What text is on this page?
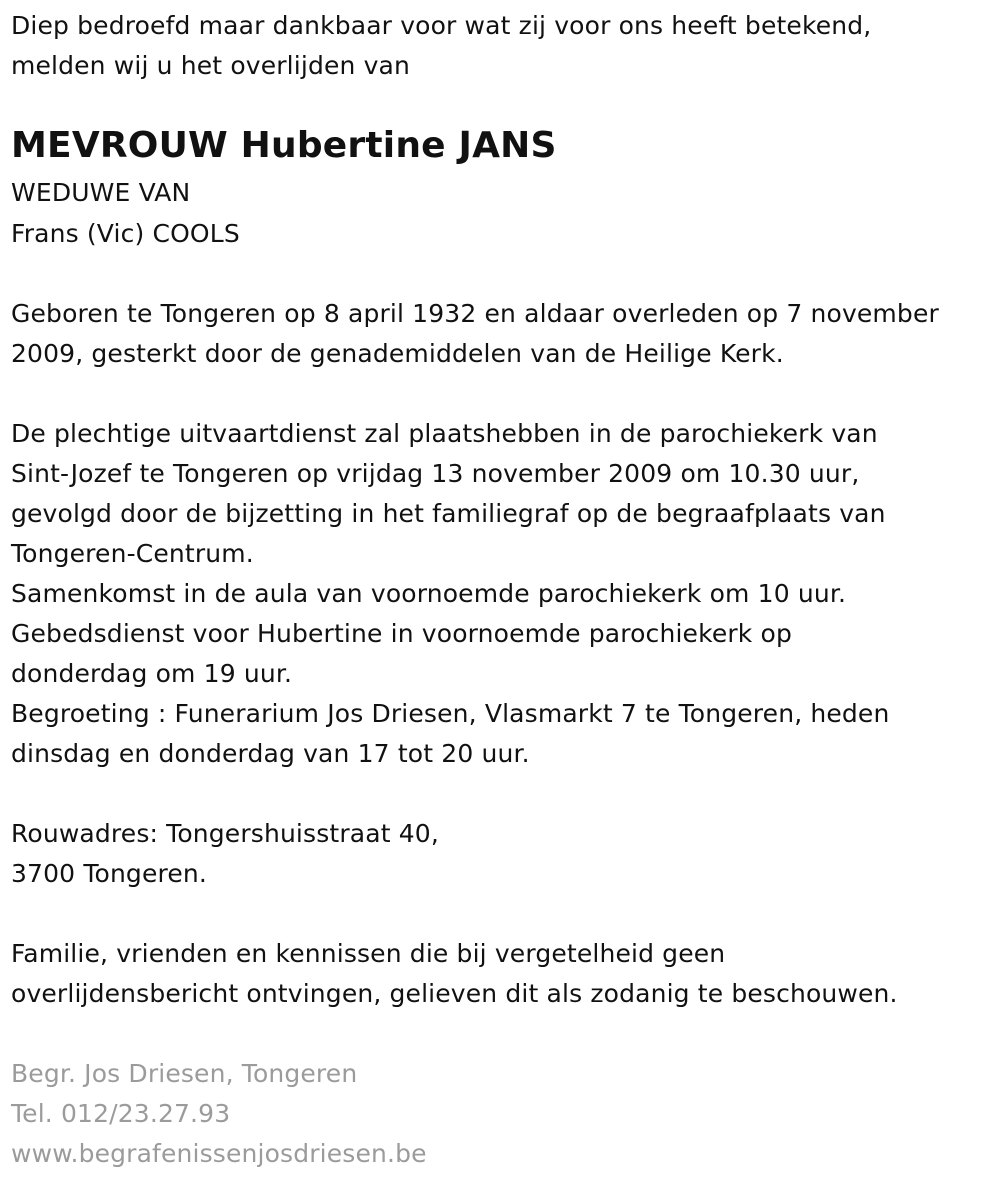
Diep bedroefd maar dankbaar voor wat zij voor ons heeft betekend,
melden wij u het overlijden van
MEVROUW Hubertine JANS
WEDUWE VAN
Frans (Vic) COOLS
Geboren te Tongeren op 8 april 1932 en aldaar overleden op 7 november
2009, gesterkt door de genademiddelen van de Heilige Kerk.
De plechtige uitvaartdienst zal plaatshebben in de parochiekerk van
Sint-Jozef te Tongeren op vrijdag 13 november 2009 om 10.30 uur,
gevolgd door de bijzetting in het familiegraf op de begraafplaats van
Tongeren-Centrum.
Samenkomst in de aula van voornoemde parochiekerk om 10 uur.
Gebedsdienst voor Hubertine in voornoemde parochiekerk op
donderdag om 19 uur.
Begroeting : Funerarium Jos Driesen, Vlasmarkt 7 te Tongeren, heden
dinsdag en donderdag van 17 tot 20 uur.
Rouwadres: Tongershuisstraat 40,
3700 Tongeren.
Familie, vrienden en kennissen die bij vergetelheid geen
overlijdensbericht ontvingen, gelieven dit als zodanig te beschouwen.
Begr. Jos Driesen, Tongeren
Tel. 012/23.27.93
www.begrafenissenjosdriesen.be
